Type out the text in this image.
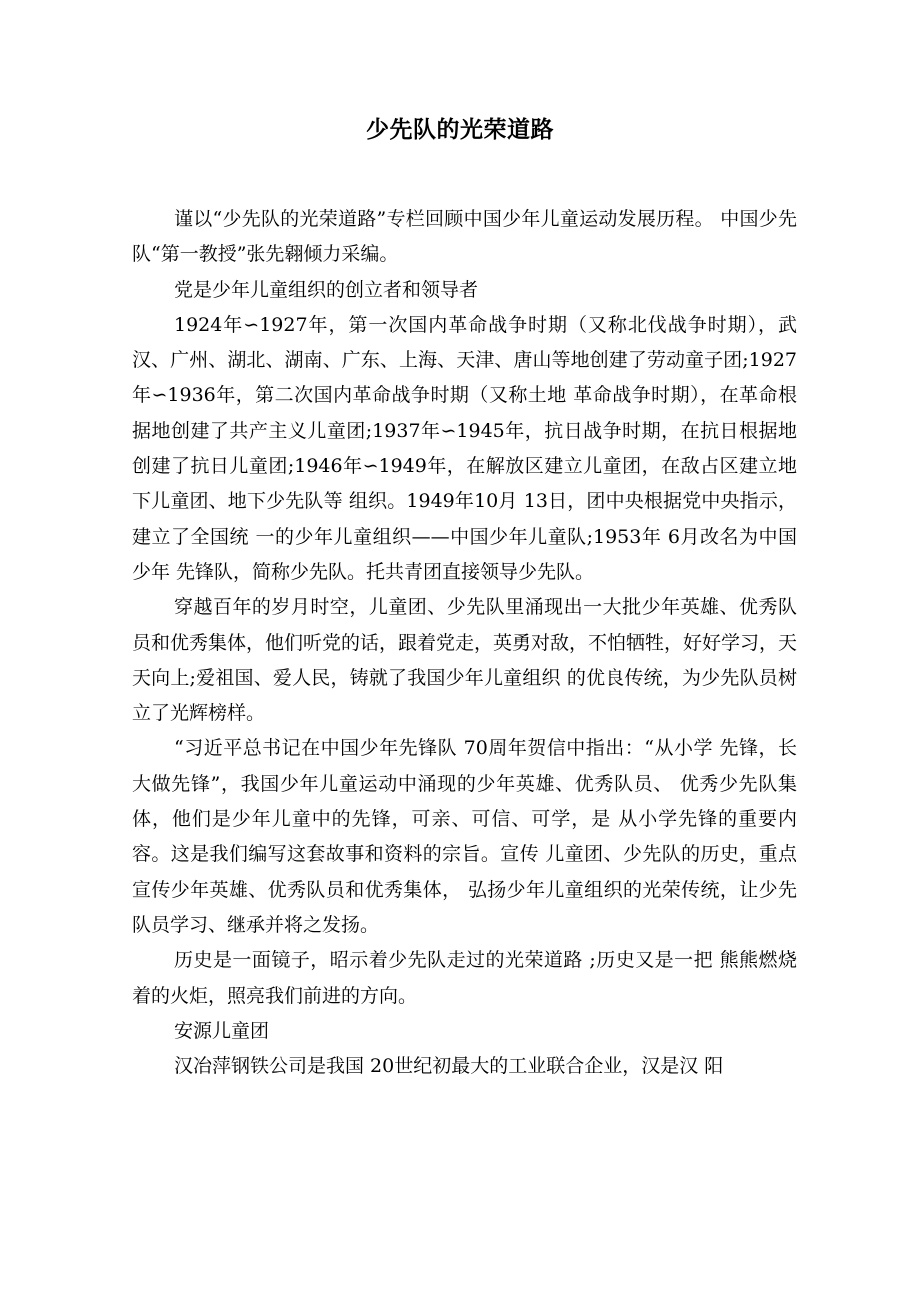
少先队的光荣道路

谨以“少先队的光荣道路”专栏回顾中国少年儿童运动发展历程。 中国少先队“第一教授”张先翱倾力采编。

党是少年儿童组织的创立者和领导者

1924年∽1927年，第一次国内革命战争时期（又称北伐战争时期），武汉、广州、湖北、湖南、广东、上海、天津、唐山等地创建了劳动童子团;1927年∽1936年，第二次国内革命战争时期（又称土地 革命战争时期），在革命根据地创建了共产主义儿童团;1937年∽1945年，抗日战争时期，在抗日根据地创建了抗日儿童团;1946年∽1949年，在解放区建立儿童团，在敌占区建立地下儿童团、地下少先队等 组织。1949年10月 13日，团中央根据党中央指示，建立了全国统 一的少年儿童组织——中国少年儿童队;1953年 6月改名为中国少年 先锋队，简称少先队。托共青团直接领导少先队。

穿越百年的岁月时空，儿童团、少先队里涌现出一大批少年英雄、优秀队员和优秀集体，他们听党的话，跟着党走，英勇对敌，不怕牺牲，好好学习，天天向上;爱祖国、爱人民，铸就了我国少年儿童组织 的优良传统，为少先队员树立了光辉榜样。

“习近平总书记在中国少年先锋队 70周年贺信中指出：“从小学 先锋，长大做先锋”，我国少年儿童运动中涌现的少年英雄、优秀队员、 优秀少先队集体，他们是少年儿童中的先锋，可亲、可信、可学，是 从小学先锋的重要内容。这是我们编写这套故事和资料的宗旨。宣传 儿童团、少先队的历史，重点宣传少年英雄、优秀队员和优秀集体， 弘扬少年儿童组织的光荣传统，让少先队员学习、继承并将之发扬。

历史是一面镜子，昭示着少先队走过的光荣道路 ;历史又是一把 熊熊燃烧着的火炬，照亮我们前进的方向。

安源儿童团

汉冶萍钢铁公司是我国 20世纪初最大的工业联合企业，汉是汉 阳
